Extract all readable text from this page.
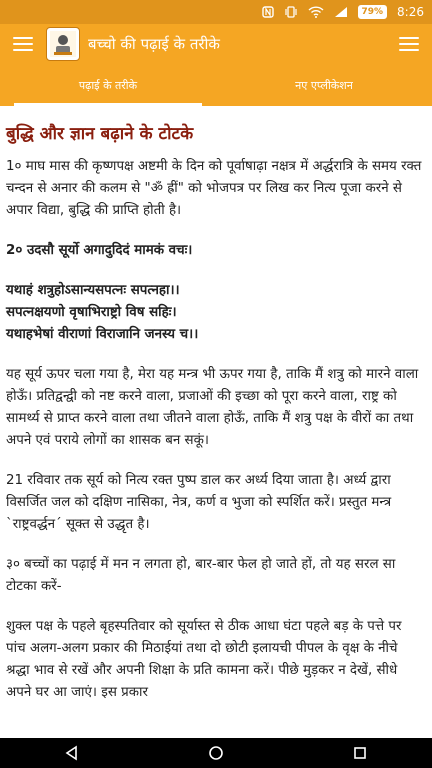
79%	8:26
बच्चो की पढ़ाई के तरीके
पढ़ाई के तरीके	नए एप्लीकेशन
बुद्धि और ज्ञान बढ़ाने के टोटके

1० माघ मास की कृष्णपक्ष अष्टमी के दिन को पूर्वाषाढ़ा नक्षत्र में अर्द्धरात्रि के समय रक्त चन्दन से अनार की कलम से "ॐ ह्रीं" को भोजपत्र पर लिख कर नित्य पूजा करने से अपार विद्या, बुद्धि की प्राप्ति होती है।

2० उदसौ सूर्यो अगादुदिदं मामकं वचः।

यथाहं शत्रुहोऽसान्यसपत्नः सपत्नहा।।
सपत्नक्षयणो वृषाभिराष्ट्रो विष सहिः।
यथाहभेषां वीराणां विराजानि जनस्य च।।

यह सूर्य ऊपर चला गया है, मेरा यह मन्त्र भी ऊपर गया है, ताकि मैं शत्रु को मारने वाला होऊँ। प्रतिद्वन्द्वी को नष्ट करने वाला, प्रजाओं की इच्छा को पूरा करने वाला, राष्ट्र को सामर्थ्य से प्राप्त करने वाला तथा जीतने वाला होऊँ, ताकि मैं शत्रु पक्ष के वीरों का तथा अपने एवं पराये लोगों का शासक बन सकूं।

21 रविवार तक सूर्य को नित्य रक्त पुष्प डाल कर अर्ध्य दिया जाता है। अर्ध्य द्वारा विसर्जित जल को दक्षिण नासिका, नेत्र, कर्ण व भुजा को स्पर्शित करें। प्रस्तुत मन्त्र `राष्ट्रवर्द्धन´ सूक्त से उद्धृत है।

३० बच्चों का पढ़ाई में मन न लगता हो, बार-बार फेल हो जाते हों, तो यह सरल सा टोटका करें-

शुक्ल पक्ष के पहले बृहस्पतिवार को सूर्यास्त से ठीक आधा घंटा पहले बड़ के पत्ते पर पांच अलग-अलग प्रकार की मिठाईयां तथा दो छोटी इलायची पीपल के वृक्ष के नीचे श्रद्धा भाव से रखें और अपनी शिक्षा के प्रति कामना करें। पीछे मुड़कर न देखें, सीधे अपने घर आ जाएं। इस प्रकार
